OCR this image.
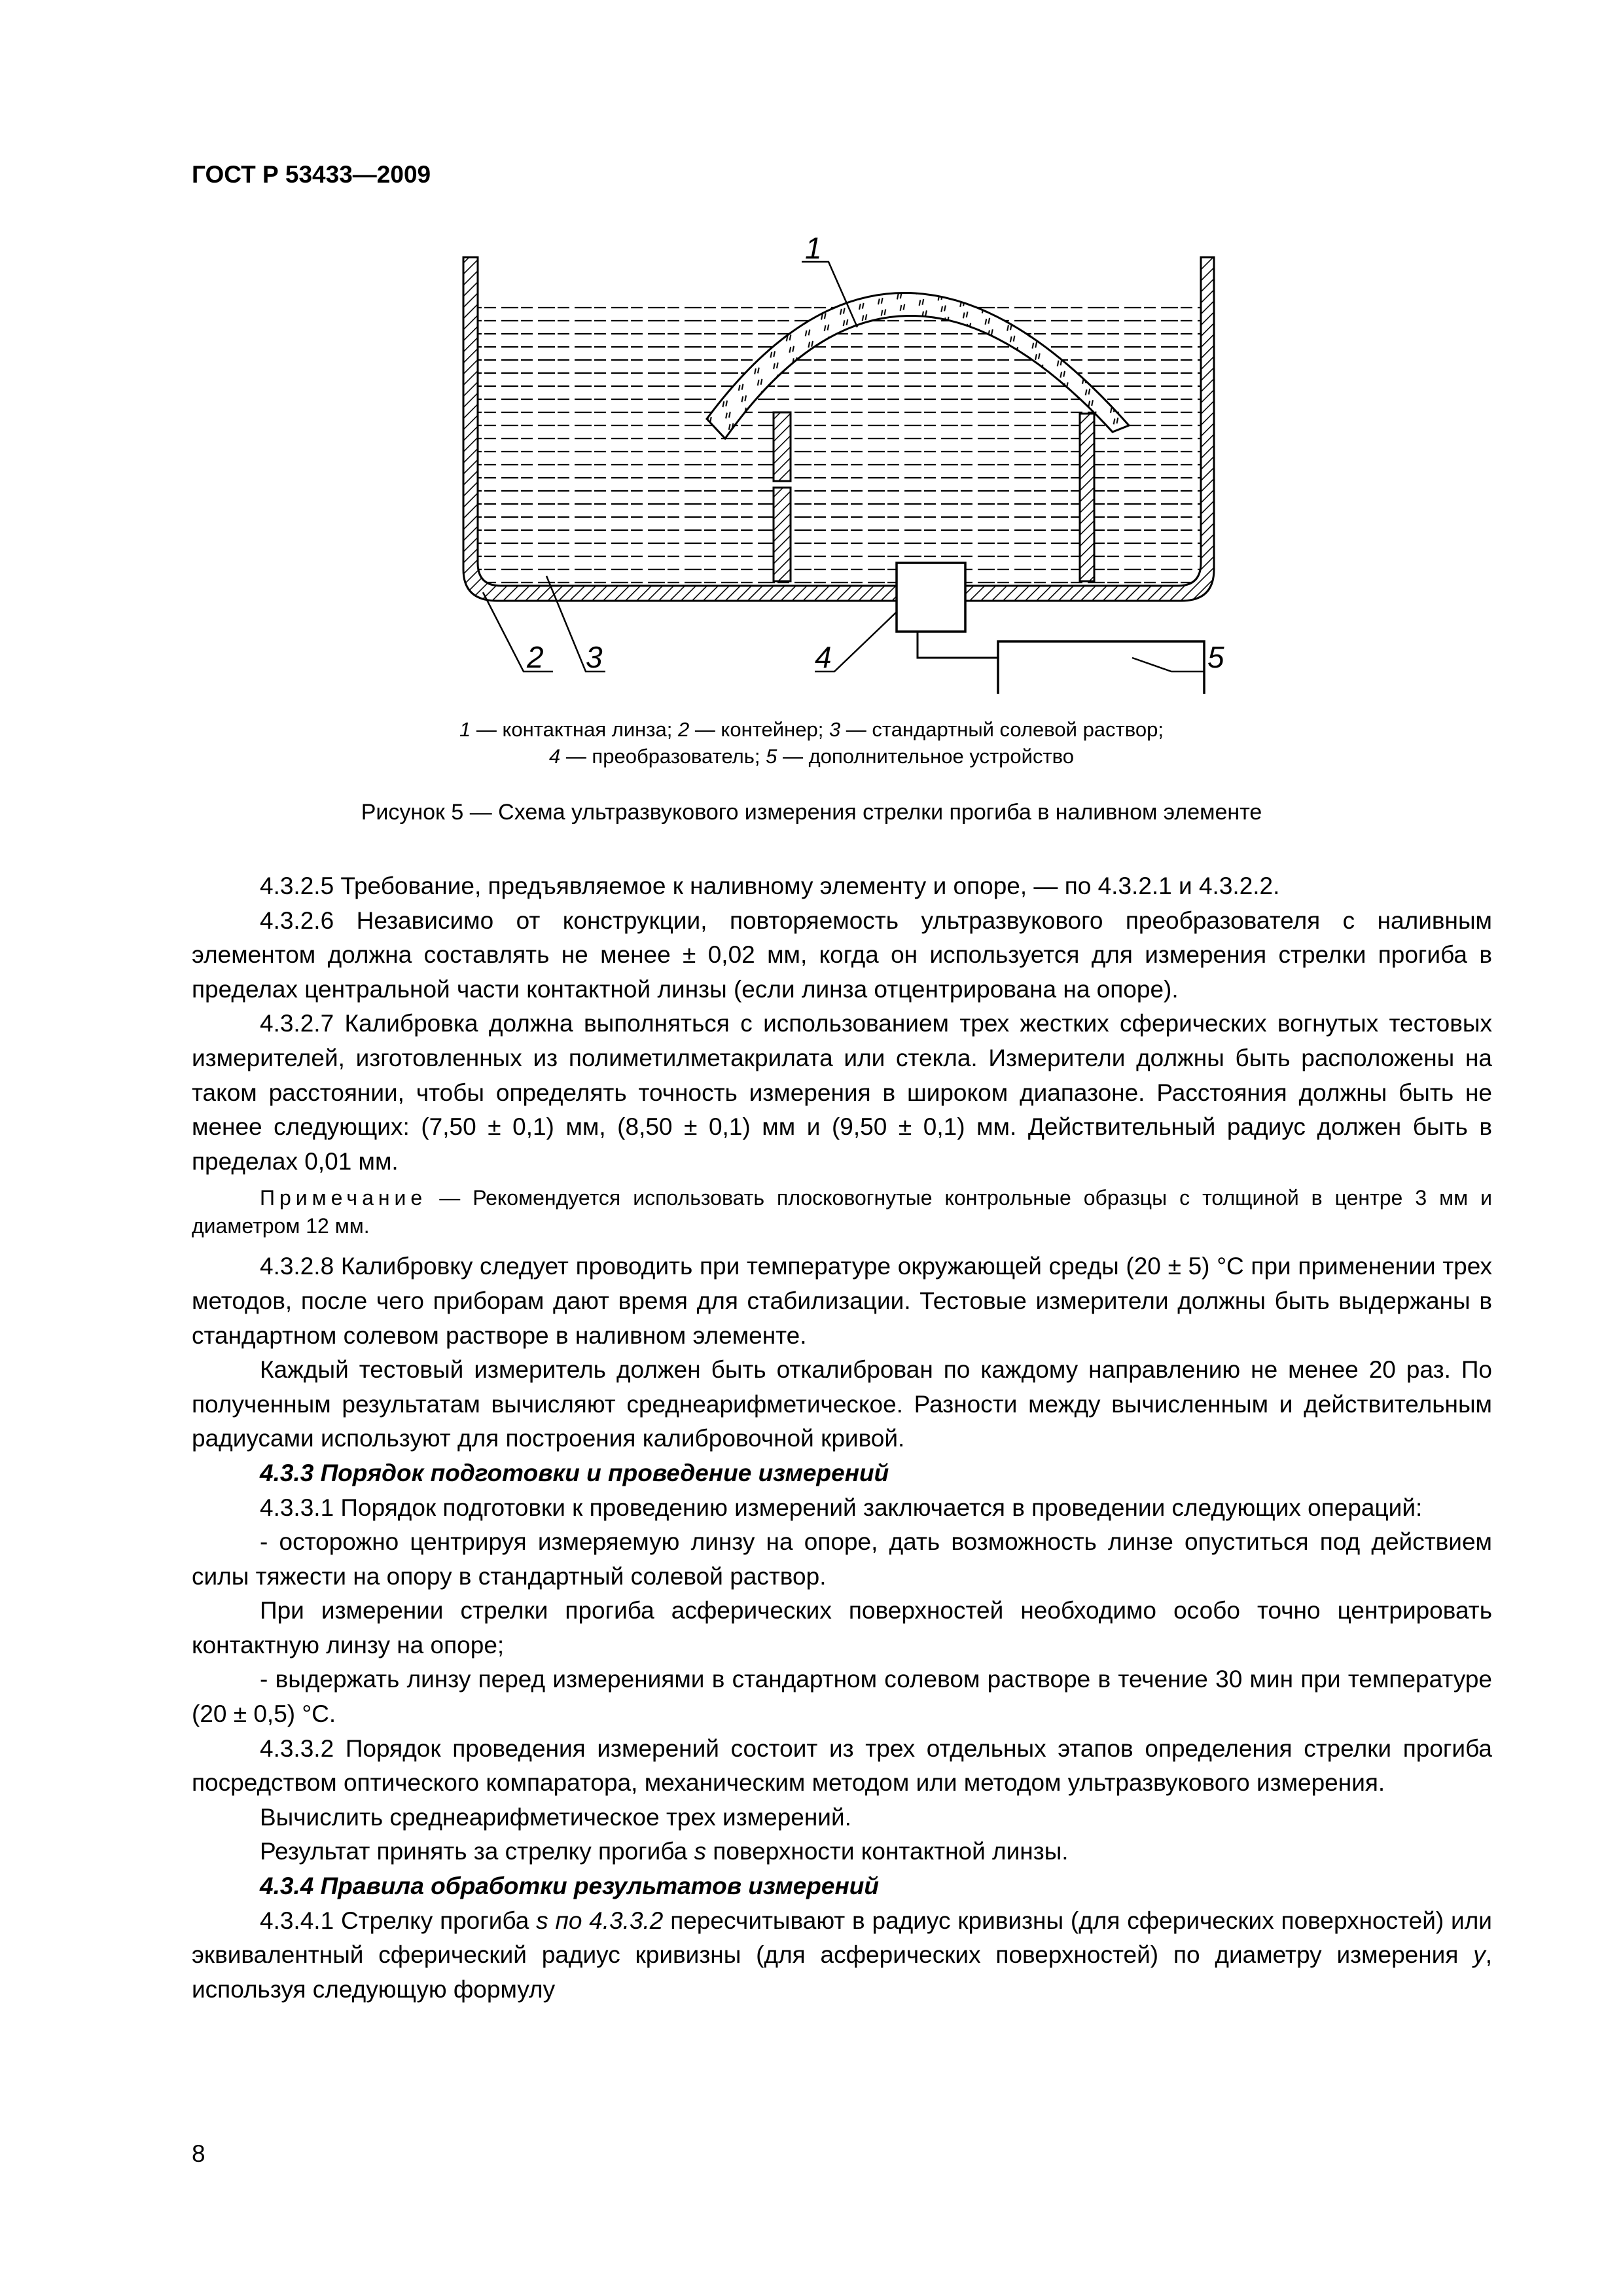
ГОСТ Р 53433—2009
1
2 3	4	5
1 — контактная линза; 2 — контейнер; 3 — стандартный солевой раствор;
4 — преобразователь; 5 — дополнительное устройство
Рисунок 5 — Схема ультразвукового измерения стрелки прогиба в наливном элементе

4.3.2.5 Требование, предъявляемое к наливному элементу и опоре, — по 4.3.2.1 и 4.3.2.2.

4.3.2.6 Независимо от конструкции, повторяемость ультразвукового преобразователя с наливным элементом должна составлять не менее ± 0,02 мм, когда он используется для измерения стрелки прогиба в пределах центральной части контактной линзы (если линза отцентрирована на опоре).

4.3.2.7 Калибровка должна выполняться с использованием трех жестких сферических вогнутых тестовых измерителей, изготовленных из полиметилметакрилата или стекла. Измерители должны быть расположены на таком расстоянии, чтобы определять точность измерения в широком диапазоне. Расстояния должны быть не менее следующих: (7,50 ± 0,1) мм, (8,50 ± 0,1) мм и (9,50 ± 0,1) мм. Действительный радиус должен быть в пределах 0,01 мм.

Примечание — Рекомендуется использовать плосковогнутые контрольные образцы с толщиной в центре 3 мм и диаметром 12 мм.

4.3.2.8 Калибровку следует проводить при температуре окружающей среды (20 ± 5) °С при применении трех методов, после чего приборам дают время для стабилизации. Тестовые измерители должны быть выдержаны в стандартном солевом растворе в наливном элементе.

Каждый тестовый измеритель должен быть откалиброван по каждому направлению не менее 20 раз. По полученным результатам вычисляют среднеарифметическое. Разности между вычисленным и действительным радиусами используют для построения калибровочной кривой.

4.3.3 Порядок подготовки и проведение измерений

4.3.3.1 Порядок подготовки к проведению измерений заключается в проведении следующих операций:

- осторожно центрируя измеряемую линзу на опоре, дать возможность линзе опуститься под действием силы тяжести на опору в стандартный солевой раствор.

При измерении стрелки прогиба асферических поверхностей необходимо особо точно центрировать контактную линзу на опоре;

- выдержать линзу перед измерениями в стандартном солевом растворе в течение 30 мин при температуре (20 ± 0,5) °С.

4.3.3.2 Порядок проведения измерений состоит из трех отдельных этапов определения стрелки прогиба посредством оптического компаратора, механическим методом или методом ультразвукового измерения.

Вычислить среднеарифметическое трех измерений.

Результат принять за стрелку прогиба s поверхности контактной линзы.

4.3.4 Правила обработки результатов измерений

4.3.4.1 Стрелку прогиба s по 4.3.3.2 пересчитывают в радиус кривизны (для сферических поверхностей) или эквивалентный сферический радиус кривизны (для асферических поверхностей) по диаметру измерения y, используя следующую формулу

8
